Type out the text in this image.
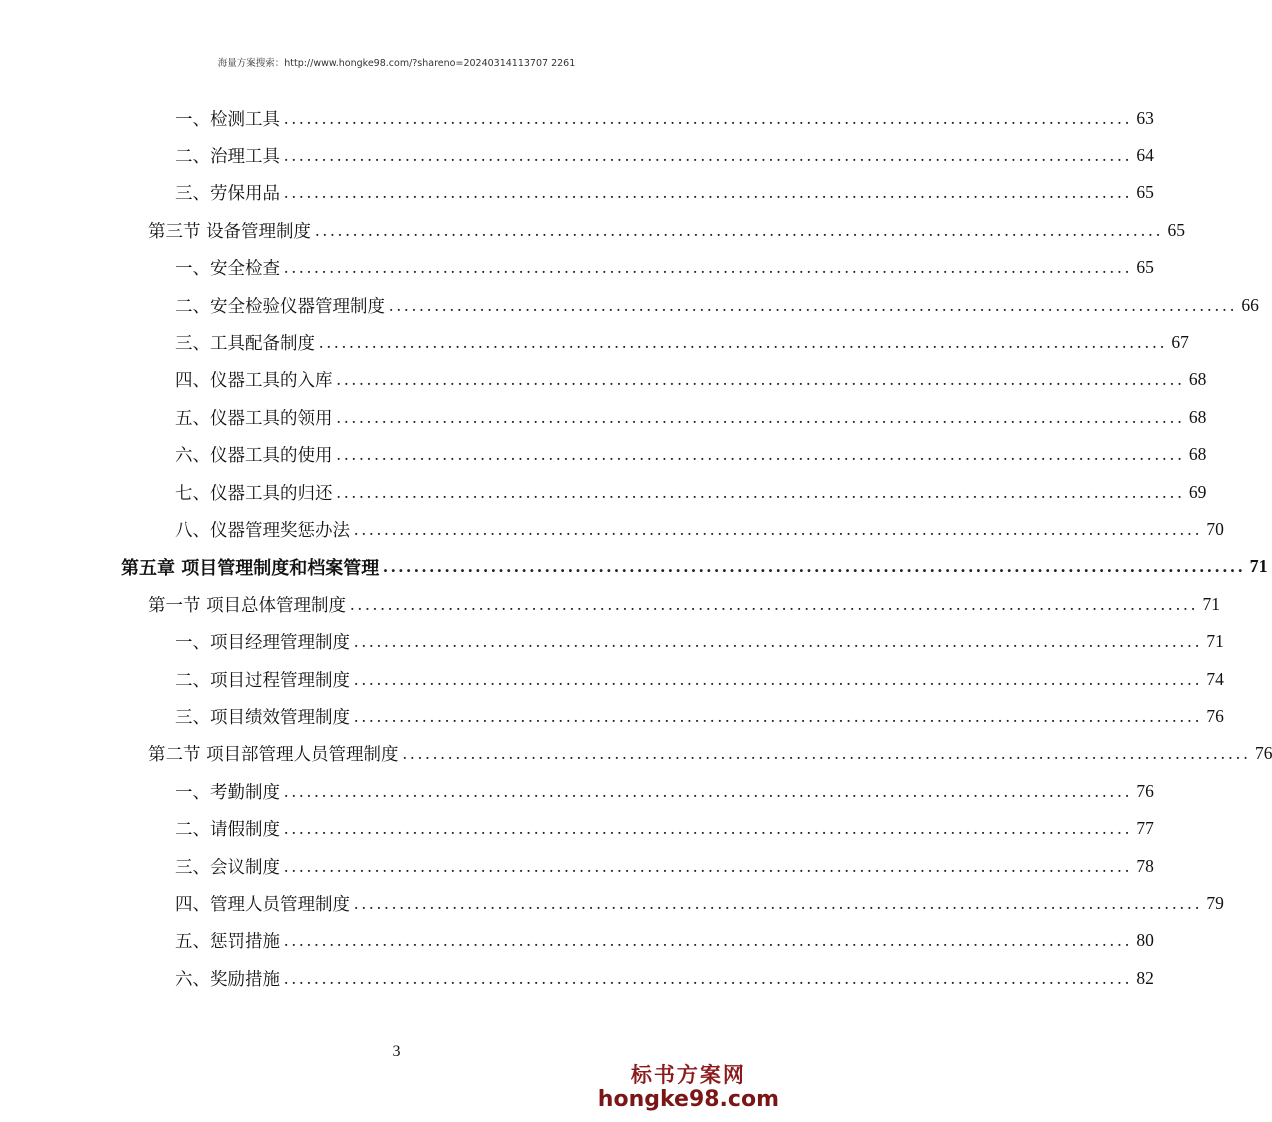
海量方案搜索：http://www.hongke98.com/?shareno=20240314113707 2261
一、检测工具 ................................................................................................................ 63
二、治理工具 ................................................................................................................ 64
三、劳保用品 ................................................................................................................ 65
第三节 设备管理制度 ................................................................................................................ 65
一、安全检查 ................................................................................................................ 65
二、安全检验仪器管理制度 ................................................................................................................ 66
三、工具配备制度 ................................................................................................................ 67
四、仪器工具的入库 ................................................................................................................ 68
五、仪器工具的领用 ................................................................................................................ 68
六、仪器工具的使用 ................................................................................................................ 68
七、仪器工具的归还 ................................................................................................................ 69
八、仪器管理奖惩办法 ................................................................................................................ 70
第五章 项目管理制度和档案管理 ................................................................................................................ 71
第一节 项目总体管理制度 ................................................................................................................ 71
一、项目经理管理制度 ................................................................................................................ 71
二、项目过程管理制度 ................................................................................................................ 74
三、项目绩效管理制度 ................................................................................................................ 76
第二节 项目部管理人员管理制度 ................................................................................................................ 76
一、考勤制度 ................................................................................................................ 76
二、请假制度 ................................................................................................................ 77
三、会议制度 ................................................................................................................ 78
四、管理人员管理制度 ................................................................................................................ 79
五、惩罚措施 ................................................................................................................ 80
六、奖励措施 ................................................................................................................ 82
3
标书方案网
hongke98.com
